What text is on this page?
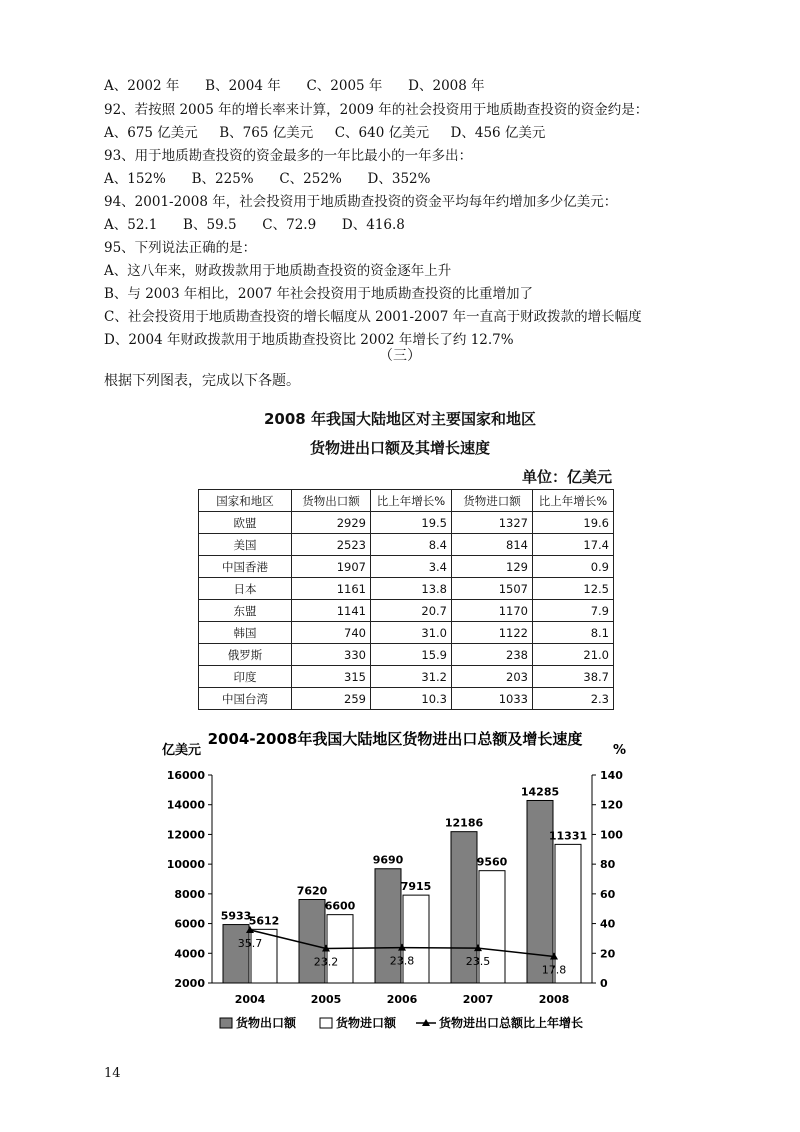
A、2002 年      B、2004 年      C、2005 年      D、2008 年
92、若按照 2005 年的增长率来计算，2009 年的社会投资用于地质勘查投资的资金约是：
A、675 亿美元     B、765 亿美元     C、640 亿美元     D、456 亿美元
93、用于地质勘查投资的资金最多的一年比最小的一年多出：
A、152%      B、225%      C、252%      D、352%
94、2001-2008 年，社会投资用于地质勘查投资的资金平均每年约增加多少亿美元：
A、52.1      B、59.5      C、72.9      D、416.8
95、下列说法正确的是：
A、这八年来，财政拨款用于地质勘查投资的资金逐年上升
B、与 2003 年相比，2007 年社会投资用于地质勘查投资的比重增加了
C、社会投资用于地质勘查投资的增长幅度从 2001-2007 年一直高于财政拨款的增长幅度
D、2004 年财政拨款用于地质勘查投资比 2002 年增长了约 12.7%
（三）
根据下列图表，完成以下各题。
2008 年我国大陆地区对主要国家和地区
货物进出口额及其增长速度
单位：亿美元
国家和地区	货物出口额	比上年增长%	货物进口额	比上年增长%
欧盟	2929	19.5	1327	19.6
美国	2523	8.4	814	17.4
中国香港	1907	3.4	129	0.9
日本	1161	13.8	1507	12.5
东盟	1141	20.7	1170	7.9
韩国	740	31.0	1122	8.1
俄罗斯	330	15.9	238	21.0
印度	315	31.2	203	38.7
中国台湾	259	10.3	1033	2.3
2004-2008年我国大陆地区货物进出口总额及增长速度
亿美元	%
2000
4000
6000
8000
10000
12000
14000
16000
0
20
40
60
80
100
120
140
5933
5612
2004
7620
6600
2005
9690
7915
2006
12186
9560
2007
14285
11331
2008
35.7
23.2	23.8	23.5
17.8
货物出口额	货物进口额	货物进出口总额比上年增长
14
